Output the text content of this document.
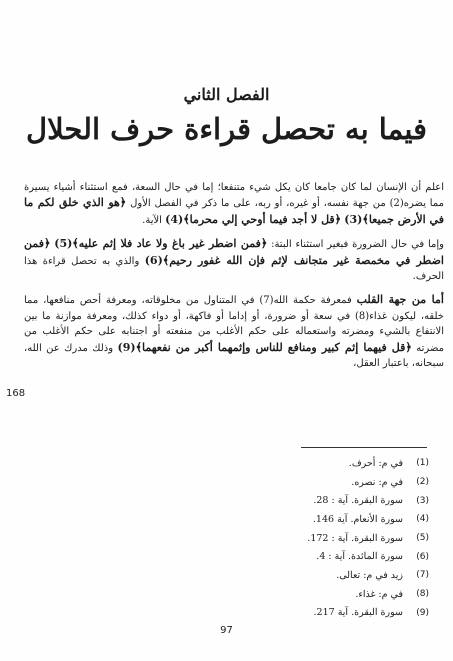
الفصل الثاني
فيما به تحصل قراءة حرف الحلال

اعلم أن الإنسان لما كان جامعا كان يكل شيء متنفعا؛ إما في حال السعة، فمع استثناء أشياء يسيرة مما يضره(2) من جهة نفسه، أو غيره، أو ربه، على ما ذكر في الفصل الأول ﴿هو الذي خلق لكم ما في الأرض جميعا﴾(3) ﴿قل لا أجد فيما أوحي إلي محرما﴾(4) الآية.

وإما في حال الضرورة فبغير استثناء البتة: ﴿فمن اضطر غير باغ ولا عاد فلا إثم عليه﴾(5) ﴿فمن اضطر في مخمصة غير متجانف لإثم فإن الله غفور رحيم﴾(6) والذي به تحصل قراءة هذا الحرف.

أما من جهة القلب فمعرفة حكمة الله(7) في المتناول من مخلوقاته، ومعرفة أحص منافعها، مما خلقه، ليكون غذاء(8) في سعة أو ضرورة، أو إداما أو فاكهة، أو دواء كذلك، ومعرفة موازنة ما بين الانتفاع بالشيء ومضرته واستعماله على حكم الأغلب من منفعته أو اجتنابه على حكم الأغلب من مضرته ﴿قل فيهما إثم كبير ومنافع للناس وإثمهما أكبر من نفعهما﴾(9) وذلك مدرك عن الله، سبحانه، باعتبار العقل،

168
(1)
في م: أحرف.
(2)
في م: نصره.
(3)
سورة البقرة. آية : 28.
(4)
سورة الأنعام. آية 146.
(5)
سورة البقرة. آية : 172.
(6)
سورة المائدة. آية : 4.
(7)
زيد في م: تعالى.
(8)
في م: غذاء.
(9)
سورة البقرة. آية 217.
97
